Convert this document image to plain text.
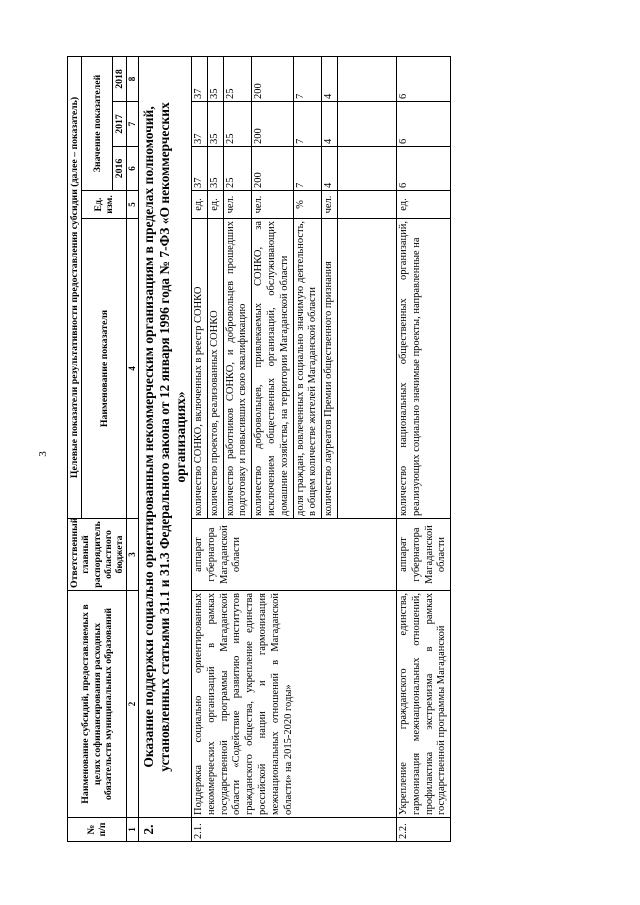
3
№ п/п	Наименование субсидий, предоставляемых в целях софинансирования расходных обязательств муниципальных образований	Ответственный главный распорядитель областного бюджета	Целевые показатели результативности предоставления субсидии (далее – показатель)				
			Наименование показателя	Ед. изм.	Значение показателей		
					2016	2017	2018
1	2	3	4	5	6	7	8
2.	Оказание поддержки социально ориентированным некоммерческим организациям в пределах полномочий, установленных статьями 31.1 и 31.3 Федерального закона от 12 января 1996 года № 7-ФЗ «О некоммерческих организациях»						
2.1.	Поддержка социально ориентированных некоммерческих организаций в рамках государственной программы Магаданской области «Содействие развитию институтов гражданского общества, укрепление единства российской нации и гармонизация межнациональных отношений в Магаданской области» на 2015-2020 годы»	аппарат губернатора Магаданской области	количество СОНКО, включенных в реестр СОНКО	ед.	37	37	37
			количество проектов, реализованных СОНКО	ед.	35	35	35
			количество работников СОНКО, и добровольцев прошедших подготовку и повысивших свою квалификацию	чел.	25	25	25
			количество добровольцев, привлекаемых СОНКО, за исключением общественных организаций, обслуживающих домашние хозяйства, на территории Магаданской области	чел.	200	200	200
			доля граждан, вовлеченных в социально значимую деятельность, в общем количестве жителей Магаданской области	%	7	7	7
			количество лауреатов Премии общественного признания	чел.	4	4	4

2.2.	Укрепление гражданского единства, гармонизация межнациональных отношений, профилактика экстремизма в рамках государственной программы Магаданской	аппарат губернатора Магаданской области	количество национальных общественных организаций, реализующих социально значимые проекты, направленные на	ед.	6	6	6
